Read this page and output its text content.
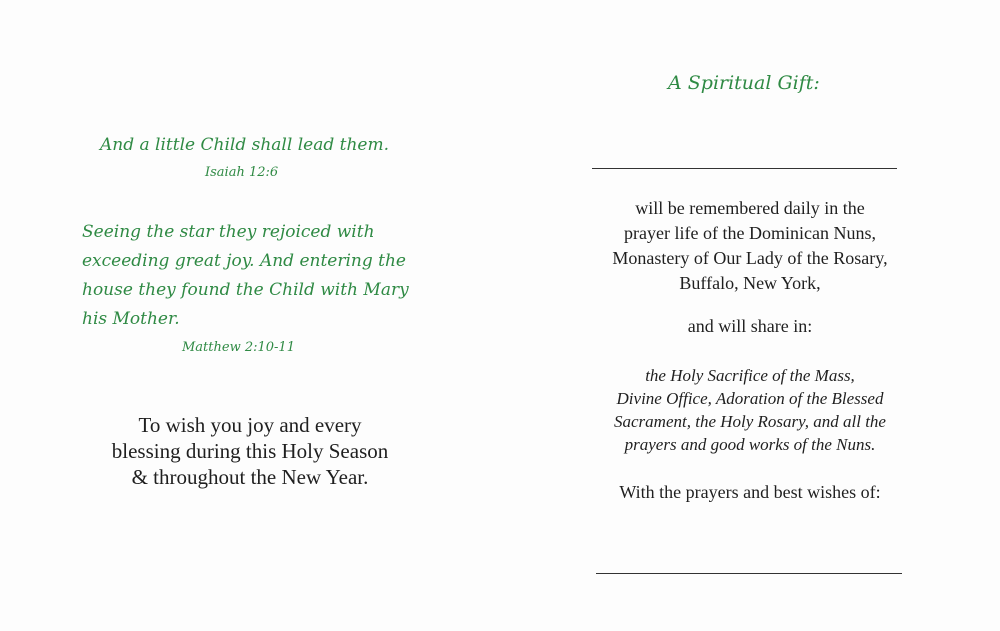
And a little Child shall lead them.
Isaiah 12:6
Seeing the star they rejoiced with
exceeding great joy. And entering the
house they found the Child with Mary
his Mother.
Matthew 2:10-11
To wish you joy and every
blessing during this Holy Season
& throughout the New Year.
A Spiritual Gift:
will be remembered daily in the
prayer life of the Dominican Nuns,
Monastery of Our Lady of the Rosary,
Buffalo, New York,
and will share in:
the Holy Sacrifice of the Mass,
Divine Office, Adoration of the Blessed
Sacrament, the Holy Rosary, and all the
prayers and good works of the Nuns.
With the prayers and best wishes of:
